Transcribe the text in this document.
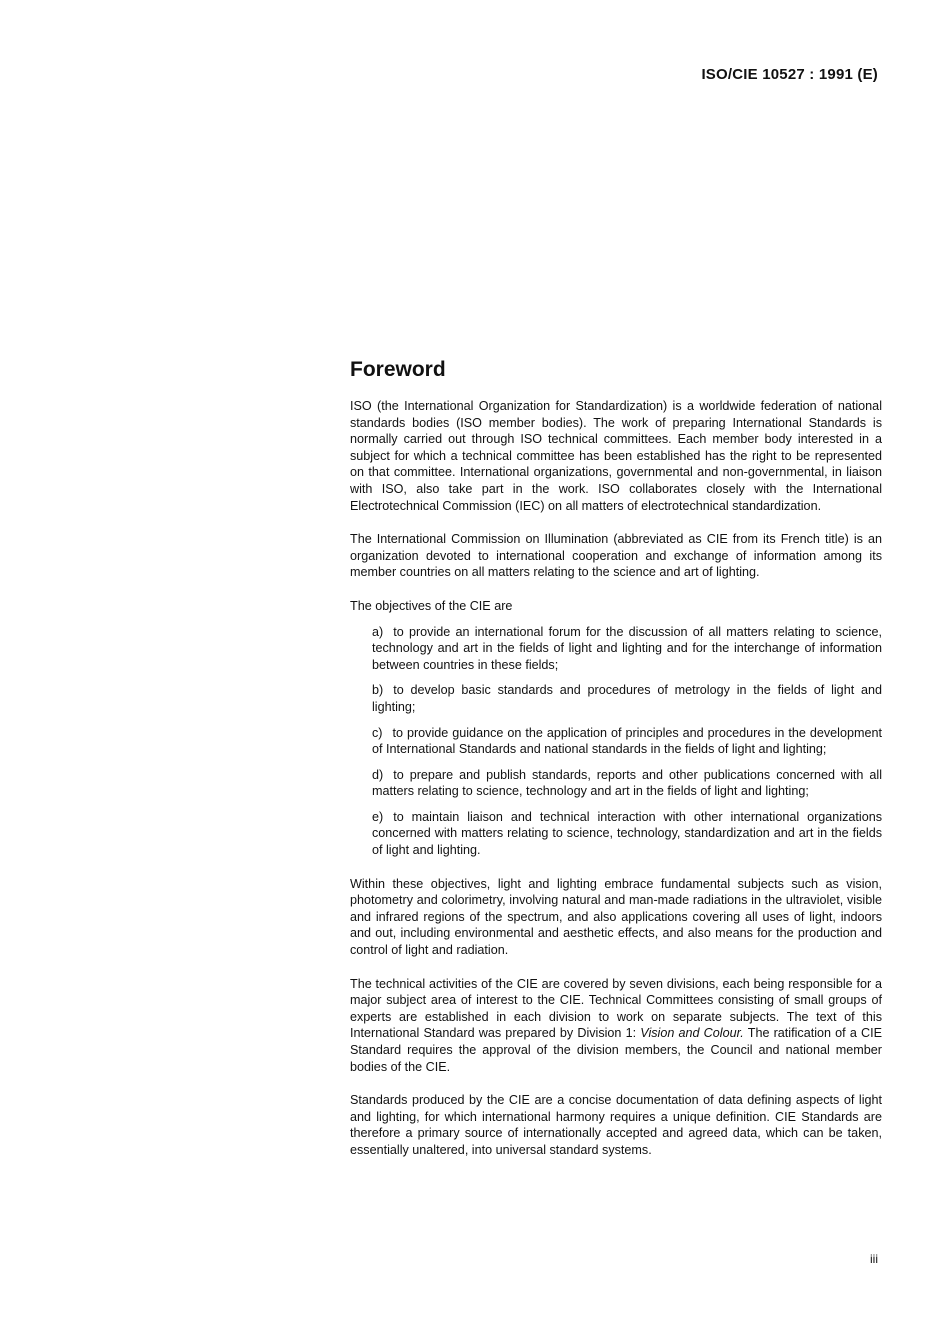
ISO/CIE 10527 : 1991 (E)
Foreword

ISO (the International Organization for Standardization) is a worldwide federation of national standards bodies (ISO member bodies). The work of preparing International Standards is normally carried out through ISO technical committees. Each member body interested in a subject for which a technical committee has been established has the right to be represented on that committee. International organizations, governmental and non-governmental, in liaison with ISO, also take part in the work. ISO collaborates closely with the International Electrotechnical Commission (IEC) on all matters of electrotechnical standardization.

The International Commission on Illumination (abbreviated as CIE from its French title) is an organization devoted to international cooperation and exchange of information among its member countries on all matters relating to the science and art of lighting.

The objectives of the CIE are

a) to provide an international forum for the discussion of all matters relating to science, technology and art in the fields of light and lighting and for the interchange of information between countries in these fields;
b) to develop basic standards and procedures of metrology in the fields of light and lighting;
c) to provide guidance on the application of principles and procedures in the development of International Standards and national standards in the fields of light and lighting;
d) to prepare and publish standards, reports and other publications concerned with all matters relating to science, technology and art in the fields of light and lighting;
e) to maintain liaison and technical interaction with other international organizations concerned with matters relating to science, technology, standardization and art in the fields of light and lighting.

Within these objectives, light and lighting embrace fundamental subjects such as vision, photometry and colorimetry, involving natural and man-made radiations in the ultraviolet, visible and infrared regions of the spectrum, and also applications covering all uses of light, indoors and out, including environmental and aesthetic effects, and also means for the production and control of light and radiation.

The technical activities of the CIE are covered by seven divisions, each being responsible for a major subject area of interest to the CIE. Technical Committees consisting of small groups of experts are established in each division to work on separate subjects. The text of this International Standard was prepared by Division 1: Vision and Colour. The ratification of a CIE Standard requires the approval of the division members, the Council and national member bodies of the CIE.

Standards produced by the CIE are a concise documentation of data defining aspects of light and lighting, for which international harmony requires a unique definition. CIE Standards are therefore a primary source of internationally accepted and agreed data, which can be taken, essentially unaltered, into universal standard systems.

iii
